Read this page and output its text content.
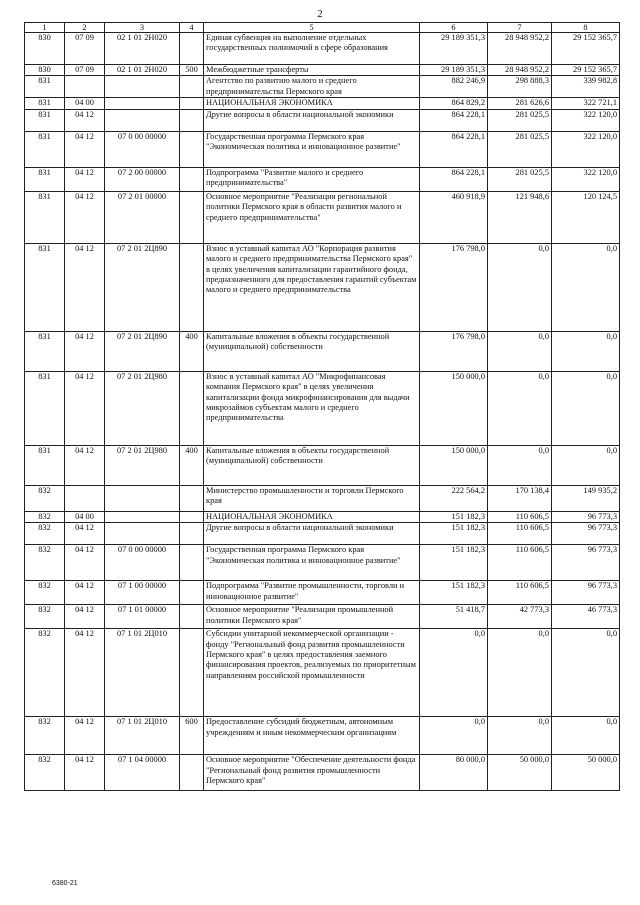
2
1	2	3	4	5	6	7	8
830	07 09	02 1 01 2Н020		Единая субвенция на выполнение отдельных государственных полномочий в сфере образования	29 189 351,3	28 948 952,2	29 152 365,7
830	07 09	02 1 01 2Н020	500	Межбюджетные трансферты	29 189 351,3	28 948 952,2	29 152 365,7
831				Агентство по развитию малого и среднего предпринимательства Пермского края	882 246,9	298 888,3	339 982,8
831	04 00			НАЦИОНАЛЬНАЯ ЭКОНОМИКА	864 829,2	281 626,6	322 721,1
831	04 12			Другие вопросы в области национальной экономики	864 228,1	281 025,5	322 120,0
831	04 12	07 0 00 00000		Государственная программа Пермского края "Экономическая политика и инновационное развитие"	864 228,1	281 025,5	322 120,0
831	04 12	07 2 00 00000		Подпрограмма "Развитие малого и среднего предпринимательства"	864 228,1	281 025,5	322 120,0
831	04 12	07 2 01 00000		Основное мероприятие "Реализация региональной политики Пермского края в области развития малого и среднего предпринимательства"	460 918,9	121 948,6	120 124,5
831	04 12	07 2 01 2Ц890		Взнос в уставный капитал АО "Корпорация развития малого и среднего предпринимательства Пермского края" в целях увеличения капитализации гарантийного фонда, предназначенного для предоставления гарантий субъектам малого и среднего предпринимательства	176 798,0	0,0	0,0
831	04 12	07 2 01 2Ц890	400	Капитальные вложения в объекты государственной (муниципальной) собственности	176 798,0	0,0	0,0
831	04 12	07 2 01 2Ц980		Взнос в уставный капитал АО "Микрофинансовая компания Пермского края" в целях увеличения капитализации фонда микрофинансирования для выдачи микрозаймов субъектам малого и среднего предпринимательства	150 000,0	0,0	0,0
831	04 12	07 2 01 2Ц980	400	Капитальные вложения в объекты государственной (муниципальной) собственности	150 000,0	0,0	0,0
832				Министерство промышленности и торговли Пермского края	222 564,2	170 138,4	149 935,2
832	04 00			НАЦИОНАЛЬНАЯ ЭКОНОМИКА	151 182,3	110 606,5	96 773,3
832	04 12			Другие вопросы в области национальной экономики	151 182,3	110 606,5	96 773,3
832	04 12	07 0 00 00000		Государственная программа Пермского края "Экономическая политика и инновационное развитие"	151 182,3	110 606,5	96 773,3
832	04 12	07 1 00 00000		Подпрограмма "Развитие промышленности, торговли и инновационное развитие"	151 182,3	110 606,5	96 773,3
832	04 12	07 1 01 00000		Основное мероприятие "Реализация промышленной политики Пермского края"	51 418,7	42 773,3	46 773,3
832	04 12	07 1 01 2Ц010		Субсидии унитарной некоммерческой организации - фонду "Региональный фонд развития промышленности Пермского края" в целях предоставления заемного финансирования проектов, реализуемых по приоритетным направлениям российской промышленности	0,0	0,0	0,0
832	04 12	07 1 01 2Ц010	600	Предоставление субсидий бюджетным, автономным учреждениям и иным некоммерческим организациям	0,0	0,0	0,0
832	04 12	07 1 04 00000		Основное мероприятие "Обеспечение деятельности фонда "Региональный фонд развития промышленности Пермского края"	80 000,0	50 000,0	50 000,0
6380-21
